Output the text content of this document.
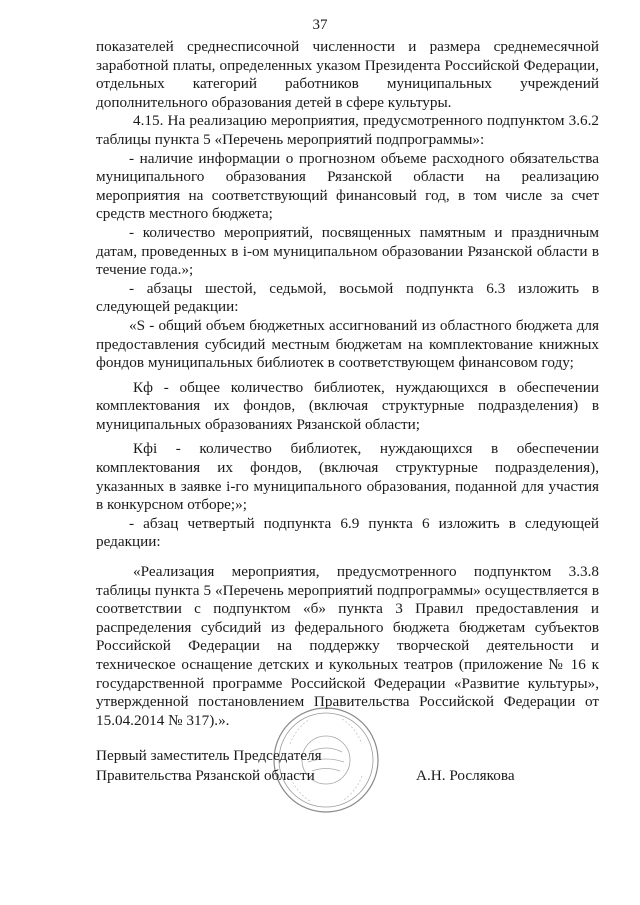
37

показателей среднесписочной численности и размера среднемесячной заработной платы, определенных указом Президента Российской Федерации, отдельных категорий работников муниципальных учреждений дополнительного образования детей в сфере культуры.

4.15. На реализацию мероприятия, предусмотренного подпунктом 3.6.2 таблицы пункта 5 «Перечень мероприятий подпрограммы»:

- наличие информации о прогнозном объеме расходного обязательства муниципального образования Рязанской области на реализацию мероприятия на соответствующий финансовый год, в том числе за счет средств местного бюджета;

- количество мероприятий, посвященных памятным и праздничным датам, проведенных в i-ом муниципальном образовании Рязанской области в течение года.»;

- абзацы шестой, седьмой, восьмой подпункта 6.3 изложить в следующей редакции:

«S - общий объем бюджетных ассигнований из областного бюджета для предоставления субсидий местным бюджетам на комплектование книжных фондов муниципальных библиотек в соответствующем финансовом году;

Кф - общее количество библиотек, нуждающихся в обеспечении комплектования их фондов, (включая структурные подразделения) в муниципальных образованиях Рязанской области;

Кфi - количество библиотек, нуждающихся в обеспечении комплектования их фондов, (включая структурные подразделения), указанных в заявке i-го муниципального образования, поданной для участия в конкурсном отборе;»;

- абзац четвертый подпункта 6.9 пункта 6 изложить в следующей редакции:

«Реализация мероприятия, предусмотренного подпунктом 3.3.8 таблицы пункта 5 «Перечень мероприятий подпрограммы» осуществляется в соответствии с подпунктом «б» пункта 3 Правил предоставления и распределения субсидий из федерального бюджета бюджетам субъектов Российской Федерации на поддержку творческой деятельности и техническое оснащение детских и кукольных театров (приложение № 16 к государственной программе Российской Федерации «Развитие культуры», утвержденной постановлением Правительства Российской Федерации от 15.04.2014 № 317).».

Первый заместитель Председателя
Правительства Рязанской области	А.Н. Рослякова
